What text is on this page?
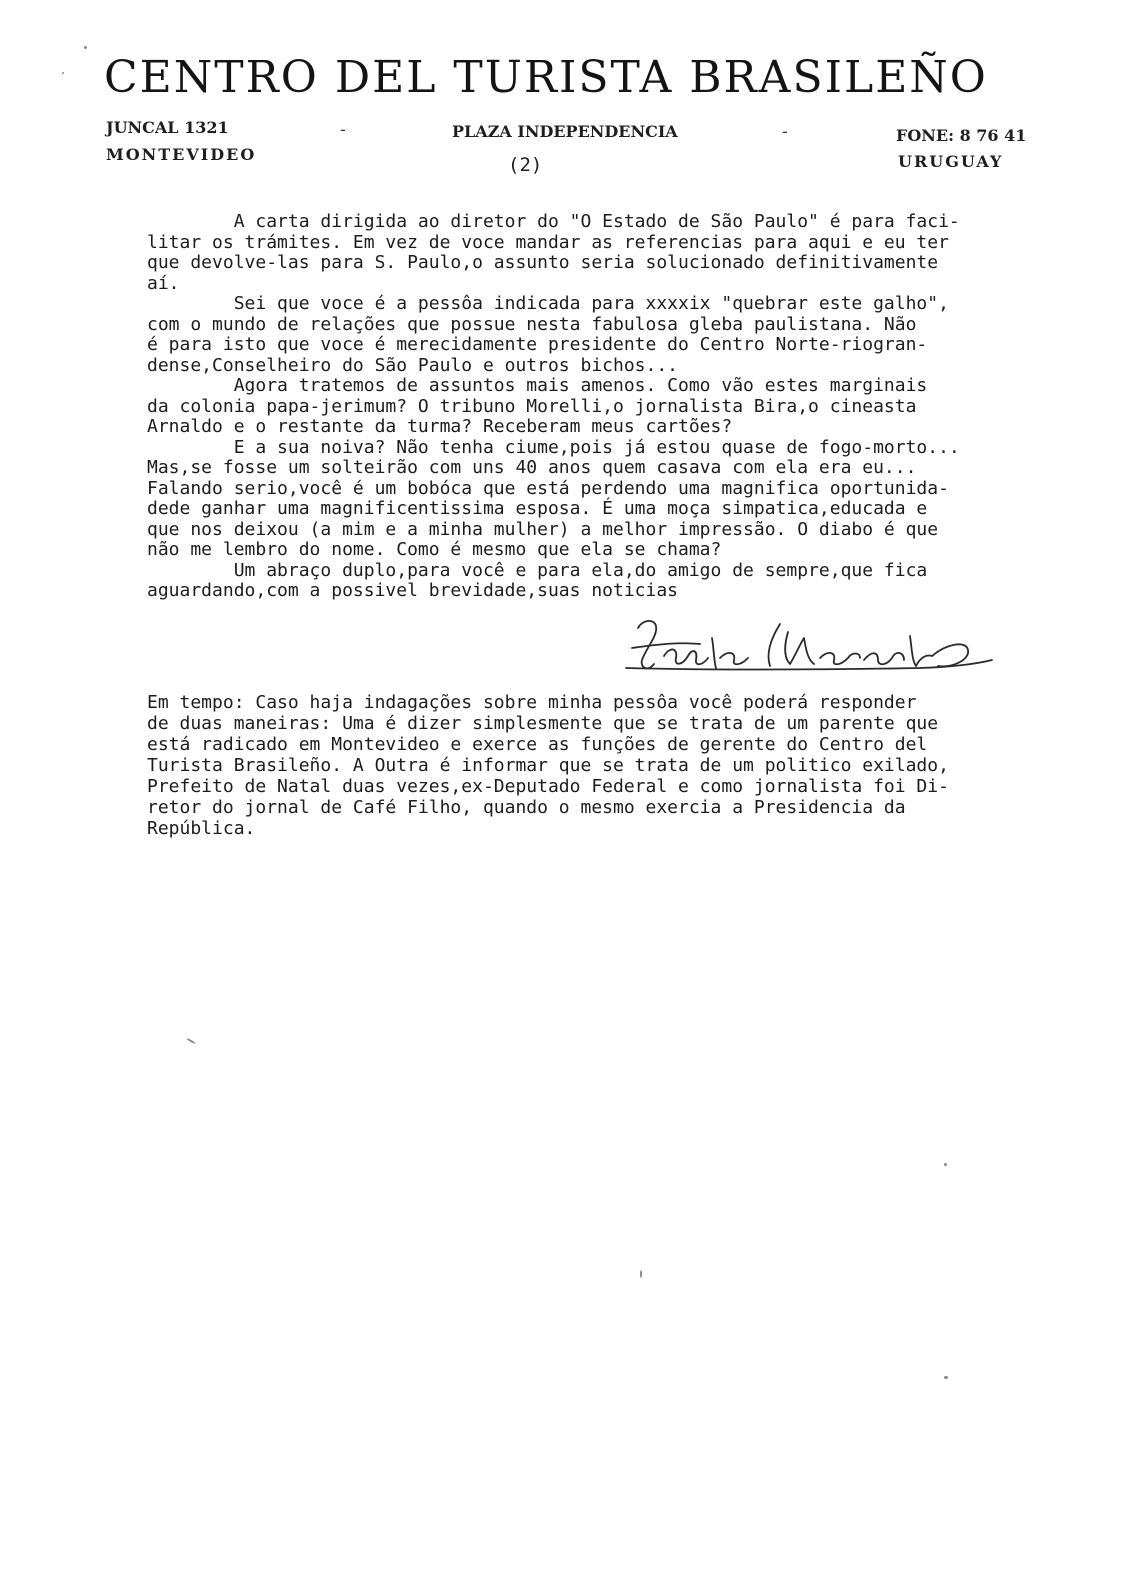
CENTRO DEL TURISTA BRASILEÑO
JUNCAL 1321
MONTEVIDEO
-	PLAZA INDEPENDENCIA	-	FONE: 8 76 41
URUGUAY
(2)
A carta dirigida ao diretor do "O Estado de São Paulo" é para faci-
litar os trámites. Em vez de voce mandar as referencias para aqui e eu ter
que devolve-las para S. Paulo,o assunto seria solucionado definitivamente
aí.
Sei que voce é a pessôa indicada para xxxxix "quebrar este galho",
com o mundo de relações que possue nesta fabulosa gleba paulistana. Não
é para isto que voce é merecidamente presidente do Centro Norte-riogran-
dense,Conselheiro do São Paulo e outros bichos...
Agora tratemos de assuntos mais amenos. Como vão estes marginais
da colonia papa-jerimum? O tribuno Morelli,o jornalista Bira,o cineasta
Arnaldo e o restante da turma? Receberam meus cartões?
E a sua noiva? Não tenha ciume,pois já estou quase de fogo-morto...
Mas,se fosse um solteirão com uns 40 anos quem casava com ela era eu...
Falando serio,você é um bobóca que está perdendo uma magnifica oportunida-
dede ganhar uma magnificentissima esposa. É uma moça simpatica,educada e
que nos deixou (a mim e a minha mulher) a melhor impressão. O diabo é que
não me lembro do nome. Como é mesmo que ela se chama?
Um abraço duplo,para você e para ela,do amigo de sempre,que fica
aguardando,com a possivel brevidade,suas noticias
Em tempo: Caso haja indagações sobre minha pessôa você poderá responder
de duas maneiras: Uma é dizer simplesmente que se trata de um parente que
está radicado em Montevideo e exerce as funções de gerente do Centro del
Turista Brasileño. A Outra é informar que se trata de um politico exilado,
Prefeito de Natal duas vezes,ex-Deputado Federal e como jornalista foi Di-
retor do jornal de Café Filho, quando o mesmo exercia a Presidencia da
República.
